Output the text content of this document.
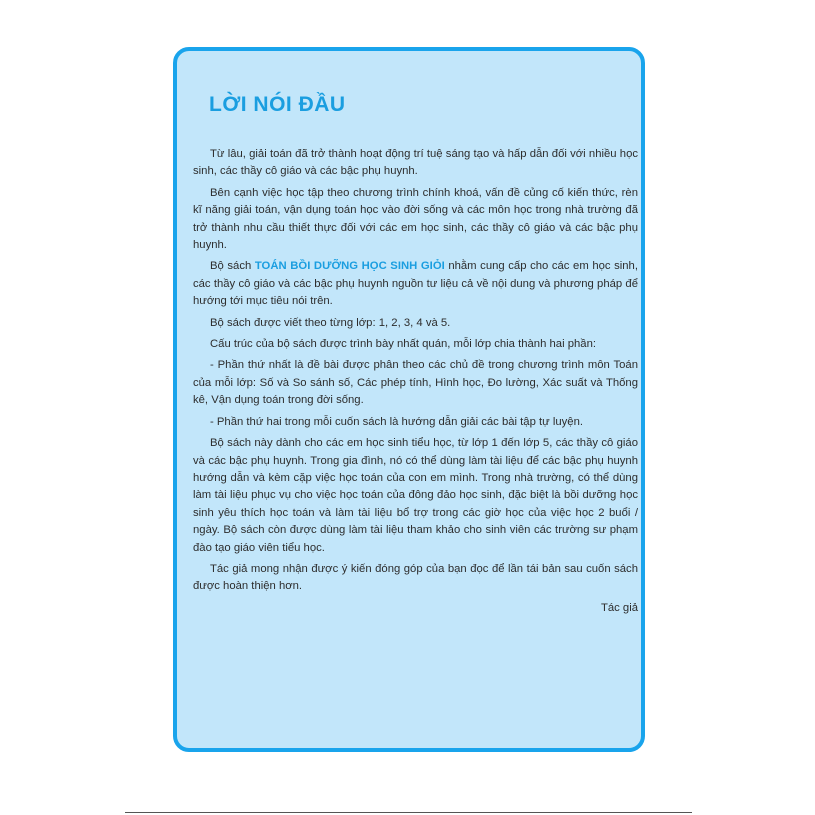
LỜI NÓI ĐẦU

Từ lâu, giải toán đã trở thành hoạt động trí tuệ sáng tạo và hấp dẫn đối với nhiều học sinh, các thầy cô giáo và các bậc phụ huynh.

Bên cạnh việc học tập theo chương trình chính khoá, vấn đề củng cố kiến thức, rèn kĩ năng giải toán, vận dụng toán học vào đời sống và các môn học trong nhà trường đã trở thành nhu cầu thiết thực đối với các em học sinh, các thầy cô giáo và các bậc phụ huynh.

Bộ sách TOÁN BỒI DƯỠNG HỌC SINH GIỎI nhằm cung cấp cho các em học sinh, các thầy cô giáo và các bậc phụ huynh nguồn tư liệu cả về nội dung và phương pháp để hướng tới mục tiêu nói trên.

Bộ sách được viết theo từng lớp: 1, 2, 3, 4 và 5.

Cấu trúc của bộ sách được trình bày nhất quán, mỗi lớp chia thành hai phần:

- Phần thứ nhất là đề bài được phân theo các chủ đề trong chương trình môn Toán của mỗi lớp: Số và So sánh số, Các phép tính, Hình học, Đo lường, Xác suất và Thống kê, Vận dụng toán trong đời sống.

- Phần thứ hai trong mỗi cuốn sách là hướng dẫn giải các bài tập tự luyện.

Bộ sách này dành cho các em học sinh tiểu học, từ lớp 1 đến lớp 5, các thầy cô giáo và các bậc phụ huynh. Trong gia đình, nó có thể dùng làm tài liệu để các bậc phụ huynh hướng dẫn và kèm cặp việc học toán của con em mình. Trong nhà trường, có thể dùng làm tài liệu phục vụ cho việc học toán của đông đảo học sinh, đặc biệt là bồi dưỡng học sinh yêu thích học toán và làm tài liệu bổ trợ trong các giờ học của việc học 2 buổi / ngày. Bộ sách còn được dùng làm tài liệu tham khảo cho sinh viên các trường sư phạm đào tạo giáo viên tiểu học.

Tác giả mong nhận được ý kiến đóng góp của bạn đọc để lần tái bản sau cuốn sách được hoàn thiện hơn.

Tác giả
